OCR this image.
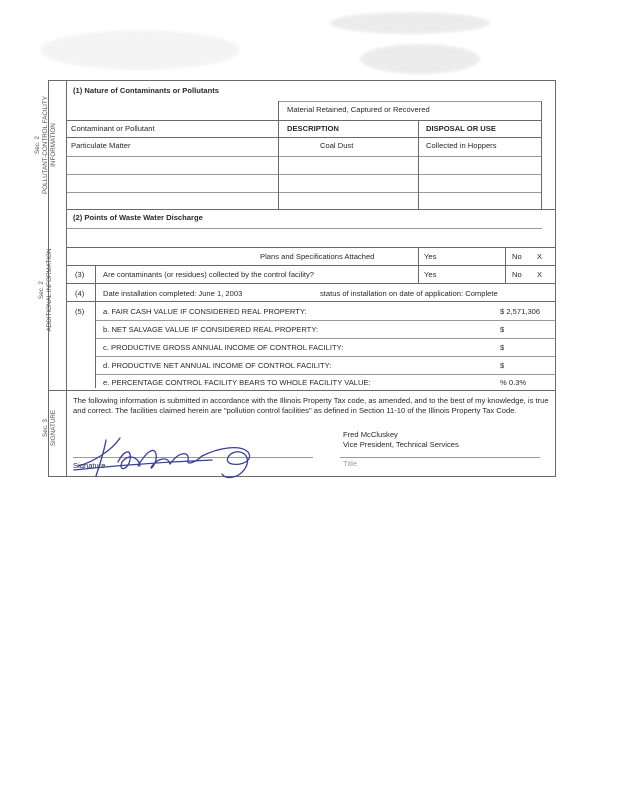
Sec. 2 POLLUTANT-CONTROL FACILITY INFORMATION
(1) Nature of Contaminants or Pollutants
Material Retained, Captured or Recovered
Contaminant or Pollutant	DESCRIPTION	DISPOSAL OR USE
Particulate Matter	Coal Dust	Collected in Hoppers
(2) Points of Waste Water Discharge
Plans and Specifications Attached	Yes	No X
Sec. 2 ADDITIONAL INFORMATION	(3) Are contaminants (or residues) collected by the control facility?	Yes	No X
(4) Date installation completed: June 1, 2003	status of installation on date of application: Complete
(5) a. FAIR CASH VALUE IF CONSIDERED REAL PROPERTY:	$ 2,571,306
b. NET SALVAGE VALUE IF CONSIDERED REAL PROPERTY:	$
c. PRODUCTIVE GROSS ANNUAL INCOME OF CONTROL FACILITY:	$
d. PRODUCTIVE NET ANNUAL INCOME OF CONTROL FACILITY:	$
e. PERCENTAGE CONTROL FACILITY BEARS TO WHOLE FACILITY VALUE:	% 0.3%
Sec. 3 SIGNATURE
The following information is submitted in accordance with the Illinois Property Tax code, as amended, and to the best of my knowledge, is true and correct. The facilities claimed herein are "pollution control facilities" as defined in Section 11-10 of the Illinois Property Tax Code.
Fred McCluskey
Vice President, Technical Services
Signature	Title
